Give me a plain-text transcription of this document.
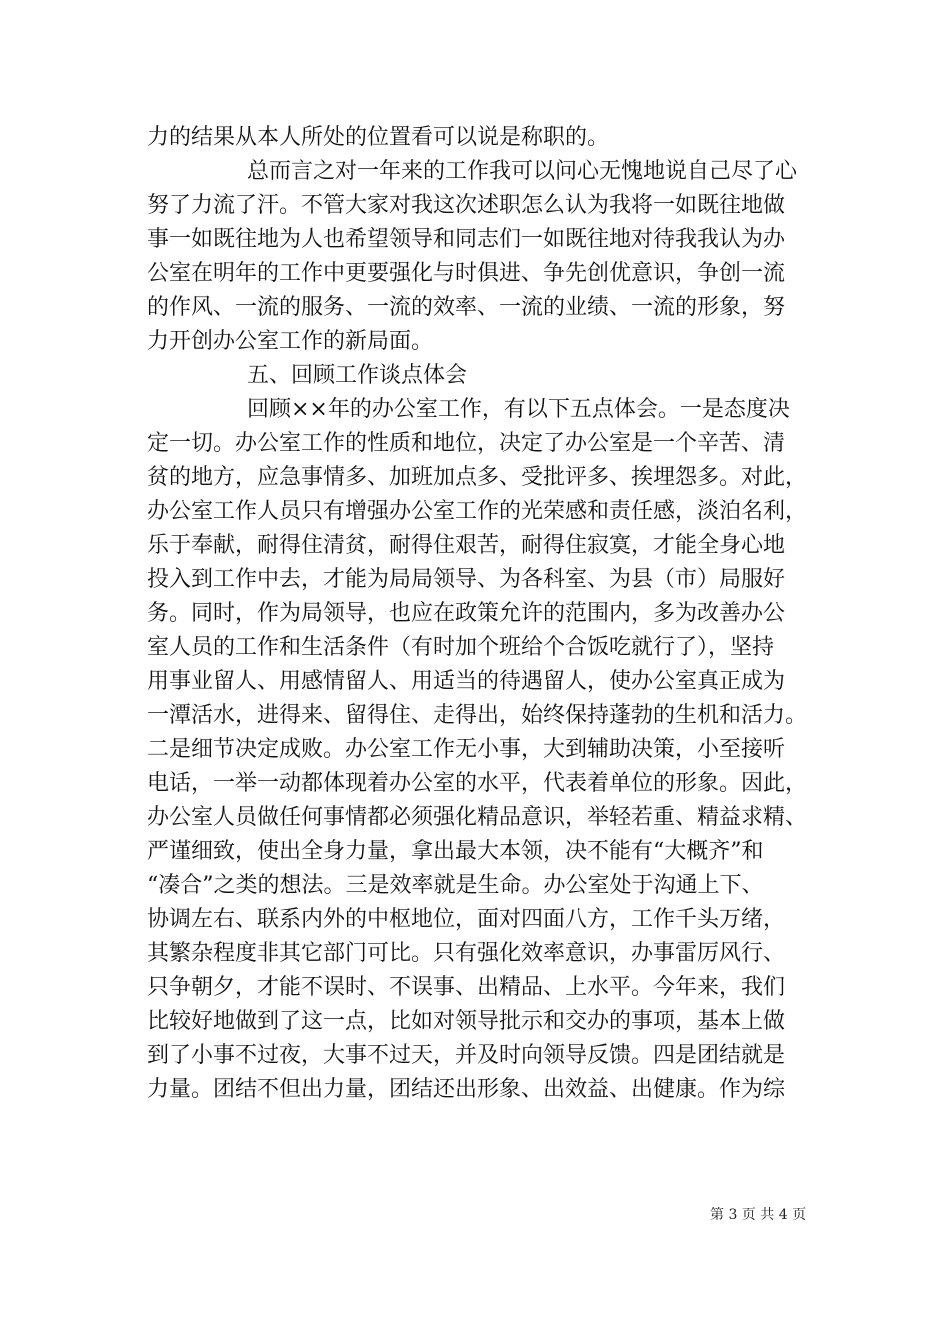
力的结果从本人所处的位置看可以说是称职的。
总而言之对一年来的工作我可以问心无愧地说自己尽了心
努了力流了汗。不管大家对我这次述职怎么认为我将一如既往地做
事一如既往地为人也希望领导和同志们一如既往地对待我我认为办
公室在明年的工作中更要强化与时俱进、争先创优意识，争创一流
的作风、一流的服务、一流的效率、一流的业绩、一流的形象，努
力开创办公室工作的新局面。
五、回顾工作谈点体会
回顾××年的办公室工作，有以下五点体会。一是态度决
定一切。办公室工作的性质和地位，决定了办公室是一个辛苦、清
贫的地方，应急事情多、加班加点多、受批评多、挨埋怨多。对此，
办公室工作人员只有增强办公室工作的光荣感和责任感，淡泊名利，
乐于奉献，耐得住清贫，耐得住艰苦，耐得住寂寞，才能全身心地
投入到工作中去，才能为局局领导、为各科室、为县（市）局服好
务。同时，作为局领导，也应在政策允许的范围内，多为改善办公
室人员的工作和生活条件（有时加个班给个合饭吃就行了），坚持
用事业留人、用感情留人、用适当的待遇留人，使办公室真正成为
一潭活水，进得来、留得住、走得出，始终保持蓬勃的生机和活力。
二是细节决定成败。办公室工作无小事，大到辅助决策，小至接听
电话，一举一动都体现着办公室的水平，代表着单位的形象。因此，
办公室人员做任何事情都必须强化精品意识，举轻若重、精益求精、
严谨细致，使出全身力量，拿出最大本领，决不能有“大概齐”和
“凑合”之类的想法。三是效率就是生命。办公室处于沟通上下、
协调左右、联系内外的中枢地位，面对四面八方，工作千头万绪，
其繁杂程度非其它部门可比。只有强化效率意识，办事雷厉风行、
只争朝夕，才能不误时、不误事、出精品、上水平。今年来，我们
比较好地做到了这一点，比如对领导批示和交办的事项，基本上做
到了小事不过夜，大事不过天，并及时向领导反馈。四是团结就是
力量。团结不但出力量，团结还出形象、出效益、出健康。作为综
第 3 页 共 4 页
